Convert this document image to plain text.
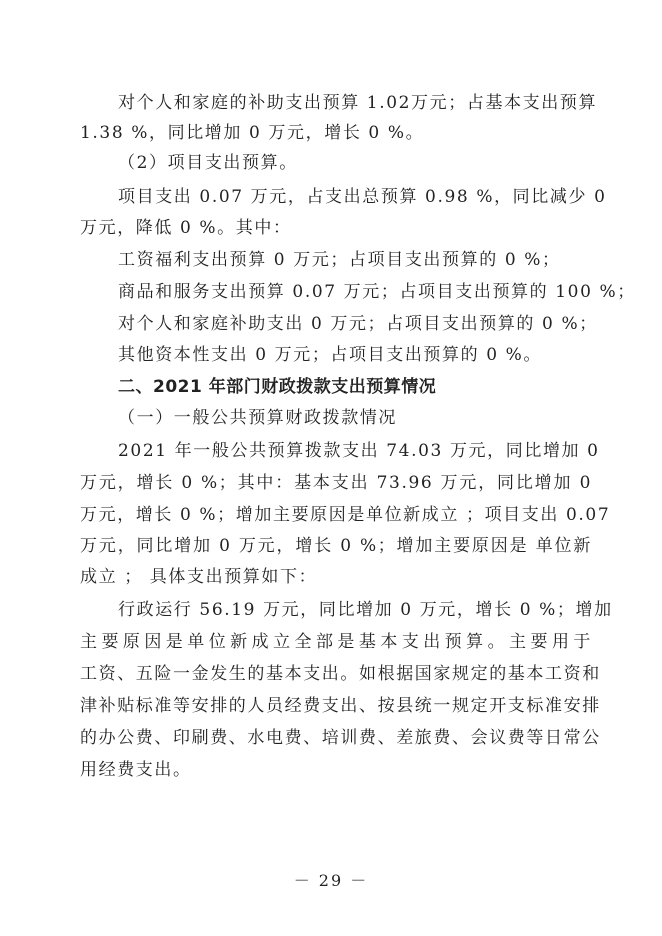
对个人和家庭的补助支出预算 1.02万元；占基本支出预算
1.38 %，同比增加 0 万元，增长 0 %。
（2）项目支出预算。
项目支出 0.07 万元，占支出总预算 0.98 %，同比减少 0
万元，降低 0 %。其中：
工资福利支出预算 0 万元；占项目支出预算的 0 %；
商品和服务支出预算 0.07 万元；占项目支出预算的 100 %；
对个人和家庭补助支出 0 万元；占项目支出预算的 0 %；
其他资本性支出 0 万元；占项目支出预算的 0 %。
二、2021 年部门财政拨款支出预算情况
（一）一般公共预算财政拨款情况
2021 年一般公共预算拨款支出 74.03 万元，同比增加 0
万元，增长 0 %；其中：基本支出 73.96 万元，同比增加 0
万元，增长 0 %；增加主要原因是单位新成立 ；项目支出 0.07
万元，同比增加 0 万元，增长 0 %；增加主要原因是 单位新
成立 ； 具体支出预算如下：
行政运行 56.19 万元，同比增加 0 万元，增长 0 %；增加
主要原因是单位新成立全部是基本支出预算。主要用于
工资、五险一金发生的基本支出。如根据国家规定的基本工资和
津补贴标准等安排的人员经费支出、按县统一规定开支标准安排
的办公费、印刷费、水电费、培训费、差旅费、会议费等日常公
用经费支出。
－ 29 －
